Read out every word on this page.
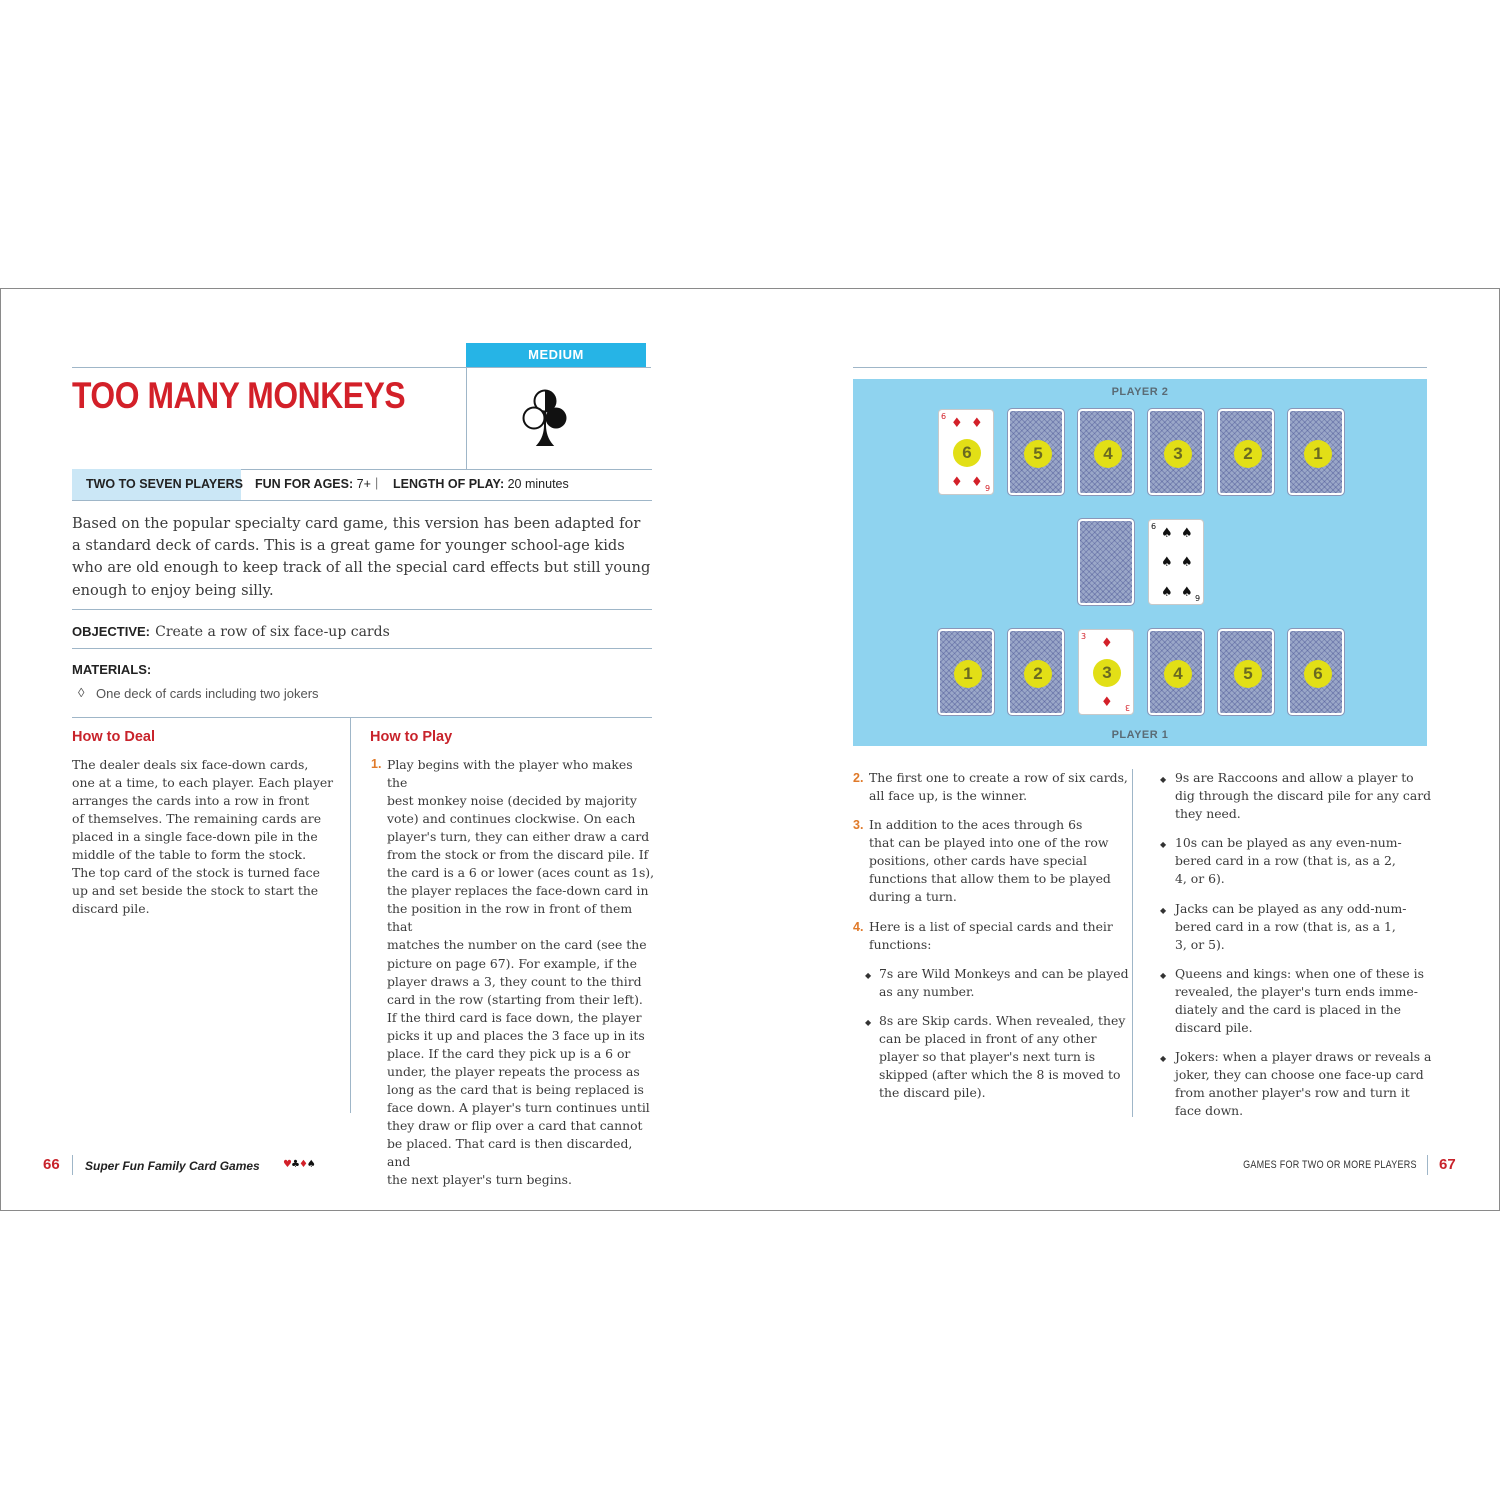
TOO MANY MONKEYS
MEDIUM
TWO TO SEVEN PLAYERS FUN FOR AGES: 7+ | LENGTH OF PLAY: 20 minutes
Based on the popular specialty card game, this version has been adapted for
a standard deck of cards. This is a great game for younger school-age kids
who are old enough to keep track of all the special card effects but still young
enough to enjoy being silly.
OBJECTIVE: Create a row of six face-up cards
MATERIALS:
◊ One deck of cards including two jokers
How to Deal
The dealer deals six face-down cards,
one at a time, to each player. Each player
arranges the cards into a row in front
of themselves. The remaining cards are
placed in a single face-down pile in the
middle of the table to form the stock.
The top card of the stock is turned face
up and set beside the stock to start the
discard pile.
How to Play
1. Play begins with the player who makes the
best monkey noise (decided by majority
vote) and continues clockwise. On each
player's turn, they can either draw a card
from the stock or from the discard pile. If
the card is a 6 or lower (aces count as 1s),
the player replaces the face-down card in
the position in the row in front of them that
matches the number on the card (see the
picture on page 67). For example, if the
player draws a 3, they count to the third
card in the row (starting from their left).
If the third card is face down, the player
picks it up and places the 3 face up in its
place. If the card they pick up is a 6 or
under, the player repeats the process as
long as the card that is being replaced is
face down. A player's turn continues until
they draw or flip over a card that cannot
be placed. That card is then discarded, and
the next player's turn begins.
66 Super Fun Family Card Games ♥♣♦♠
PLAYER 2
PLAYER 1
6 ♦ ♦
♦ ♦ 6
6	5	4	3	2	1
6 ♠ ♠
♠ ♠
♠ ♠ 6
1	2
3 ♦
♦ 3
3	4	5	6
2. The first one to create a row of six cards,
all face up, is the winner.
3. In addition to the aces through 6s
that can be played into one of the row
positions, other cards have special
functions that allow them to be played
during a turn.
4. Here is a list of special cards and their
functions:
◆ 7s are Wild Monkeys and can be played
as any number.
◆ 8s are Skip cards. When revealed, they
can be placed in front of any other
player so that player's next turn is
skipped (after which the 8 is moved to
the discard pile).
◆ 9s are Raccoons and allow a player to
dig through the discard pile for any card
they need.
◆ 10s can be played as any even-num-
bered card in a row (that is, as a 2,
4, or 6).
◆ Jacks can be played as any odd-num-
bered card in a row (that is, as a 1,
3, or 5).
◆ Queens and kings: when one of these is
revealed, the player's turn ends imme-
diately and the card is placed in the
discard pile.
◆ Jokers: when a player draws or reveals a
joker, they can choose one face-up card
from another player's row and turn it
face down.
GAMES FOR TWO OR MORE PLAYERS 67
